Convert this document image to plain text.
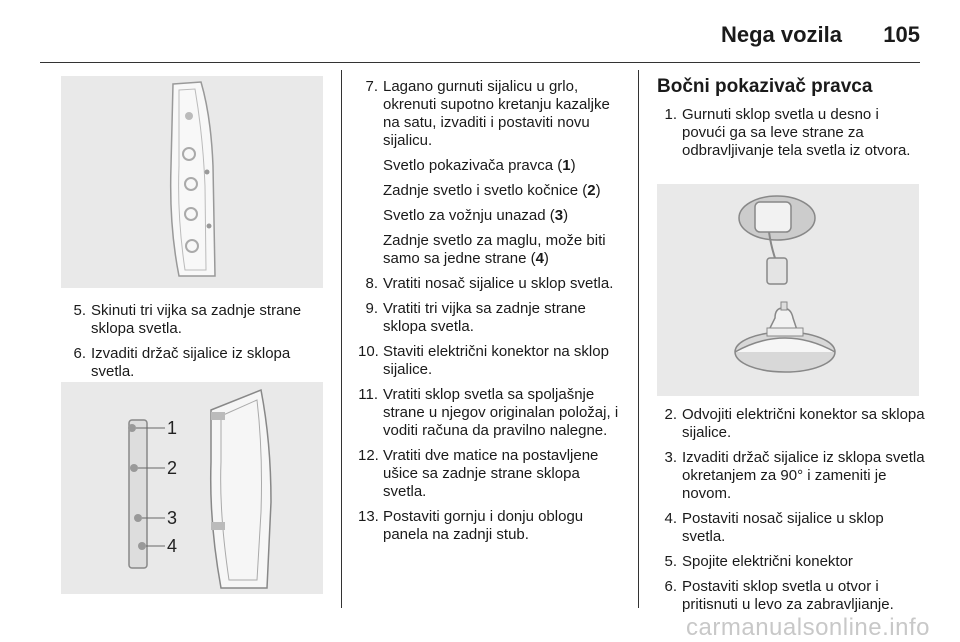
Nega vozila 105
5. Skinuti tri vijka sa zadnje strane sklopa svetla.
6. Izvaditi držač sijalice iz sklopa svetla.
1
2
3
4
7. Lagano gurnuti sijalicu u grlo, okrenuti supotno kretanju kazaljke na satu, izvaditi i postaviti novu sijalicu.

Svetlo pokazivača pravca (1)

Zadnje svetlo i svetlo kočnice (2)

Svetlo za vožnju unazad (3)

Zadnje svetlo za maglu, može biti samo sa jedne strane (4)

8. Vratiti nosač sijalice u sklop svetla.
9. Vratiti tri vijka sa zadnje strane sklopa svetla.
10. Staviti električni konektor na sklop sijalice.
11. Vratiti sklop svetla sa spoljašnje strane u njegov originalan položaj, i voditi računa da pravilno nalegne.
12. Vratiti dve matice na postavljene ušice sa zadnje strane sklopa svetla.
13. Postaviti gornju i donju oblogu panela na zadnji stub.
Bočni pokazivač pravca
1. Gurnuti sklop svetla u desno i povući ga sa leve strane za odbravljivanje tela svetla iz otvora.
2. Odvojiti električni konektor sa sklopa sijalice.
3. Izvaditi držač sijalice iz sklopa svetla okretanjem za 90° i zameniti je novom.
4. Postaviti nosač sijalice u sklop svetla.
5. Spojite električni konektor
6. Postaviti sklop svetla u otvor i pritisnuti u levo za zabravljianje.
carmanualsonline.info
